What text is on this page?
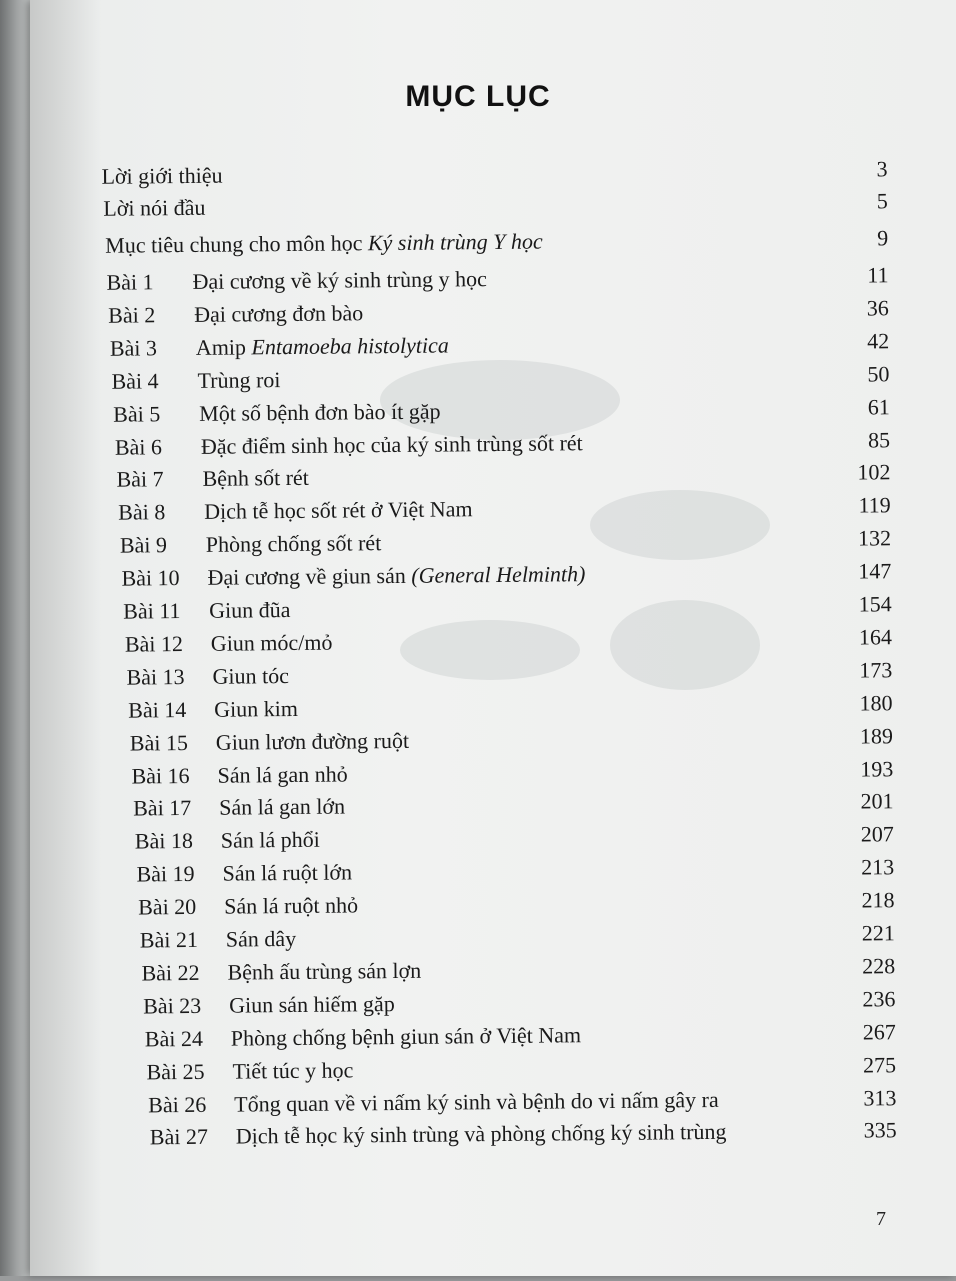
MỤC LỤC
Lời giới thiệu	3
Lời nói đầu	5
Mục tiêu chung cho môn học Ký sinh trùng Y học	9
Bài 1 Đại cương về ký sinh trùng y học	11
Bài 2 Đại cương đơn bào	36
Bài 3 Amip Entamoeba histolytica	42
Bài 4 Trùng roi	50
Bài 5 Một số bệnh đơn bào ít gặp	61
Bài 6 Đặc điểm sinh học của ký sinh trùng sốt rét	85
Bài 7 Bệnh sốt rét	102
Bài 8 Dịch tễ học sốt rét ở Việt Nam	119
Bài 9 Phòng chống sốt rét	132
Bài 10 Đại cương về giun sán (General Helminth)	147
Bài 11 Giun đũa	154
Bài 12 Giun móc/mỏ	164
Bài 13 Giun tóc	173
Bài 14 Giun kim	180
Bài 15 Giun lươn đường ruột	189
Bài 16 Sán lá gan nhỏ	193
Bài 17 Sán lá gan lớn	201
Bài 18 Sán lá phổi	207
Bài 19 Sán lá ruột lớn	213
Bài 20 Sán lá ruột nhỏ	218
Bài 21 Sán dây	221
Bài 22 Bệnh ấu trùng sán lợn	228
Bài 23 Giun sán hiếm gặp	236
Bài 24 Phòng chống bệnh giun sán ở Việt Nam	267
Bài 25 Tiết túc y học	275
Bài 26 Tổng quan về vi nấm ký sinh và bệnh do vi nấm gây ra	313
Bài 27 Dịch tễ học ký sinh trùng và phòng chống ký sinh trùng	335
7
